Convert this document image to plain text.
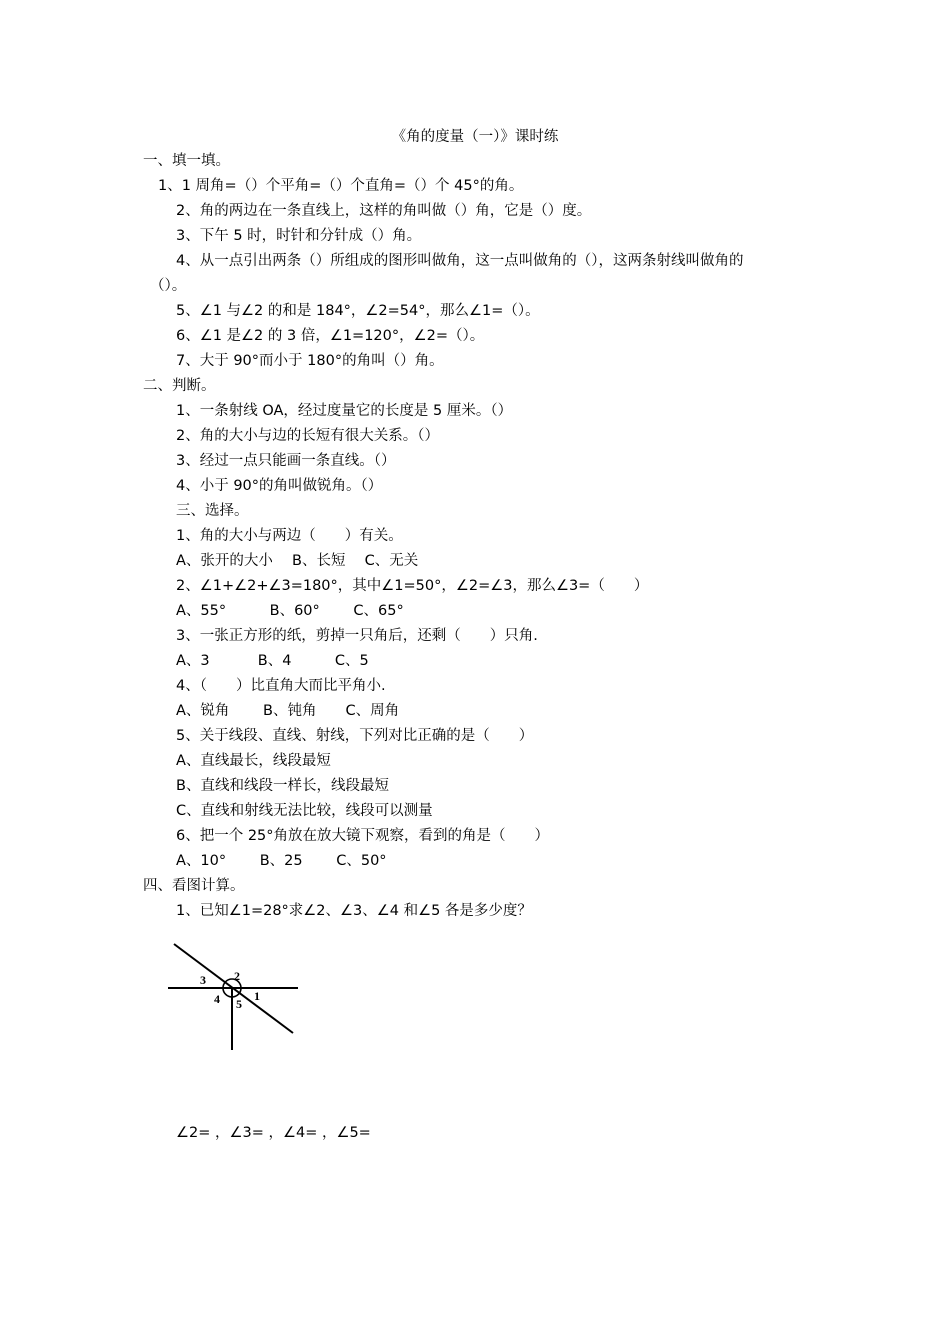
《角的度量（一）》课时练
一、填一填。
1、1 周角=（）个平角=（）个直角=（）个 45°的角。
2、角的两边在一条直线上，这样的角叫做（）角，它是（）度。
3、下午 5 时，时针和分针成（）角。
4、从一点引出两条（）所组成的图形叫做角，这一点叫做角的（），这两条射线叫做角的
（）。
5、∠1 与∠2 的和是 184°，∠2=54°，那么∠1=（）。
6、∠1 是∠2 的 3 倍，∠1=120°，∠2=（）。
7、大于 90°而小于 180°的角叫（）角。
二、判断。
1、一条射线 OA，经过度量它的长度是 5 厘米。（）
2、角的大小与边的长短有很大关系。（）
3、经过一点只能画一条直线。（）
4、小于 90°的角叫做锐角。（）
三、选择。
1、角的大小与两边（　　）有关。
A、张开的大小　 B、长短　 C、无关
2、∠1+∠2+∠3=180°，其中∠1=50°，∠2=∠3，那么∠3=（　　）
A、55°　　　B、60°　　 C、65°
3、一张正方形的纸，剪掉一只角后，还剩（　　）只角.
A、3　　　 B、4　　　C、5
4、（　　）比直角大而比平角小.
A、锐角　　 B、钝角　　C、周角
5、关于线段、直线、射线，下列对比正确的是（　　）
A、直线最长，线段最短
B、直线和线段一样长，线段最短
C、直线和射线无法比较，线段可以测量
6、把一个 25°角放在放大镜下观察，看到的角是（　　）
A、10°　　 B、25　　 C、50°
四、看图计算。
1、已知∠1=28°求∠2、∠3、∠4 和∠5 各是多少度？
1
2
3
4 5
∠2= ，∠3= ，∠4= ，∠5=
